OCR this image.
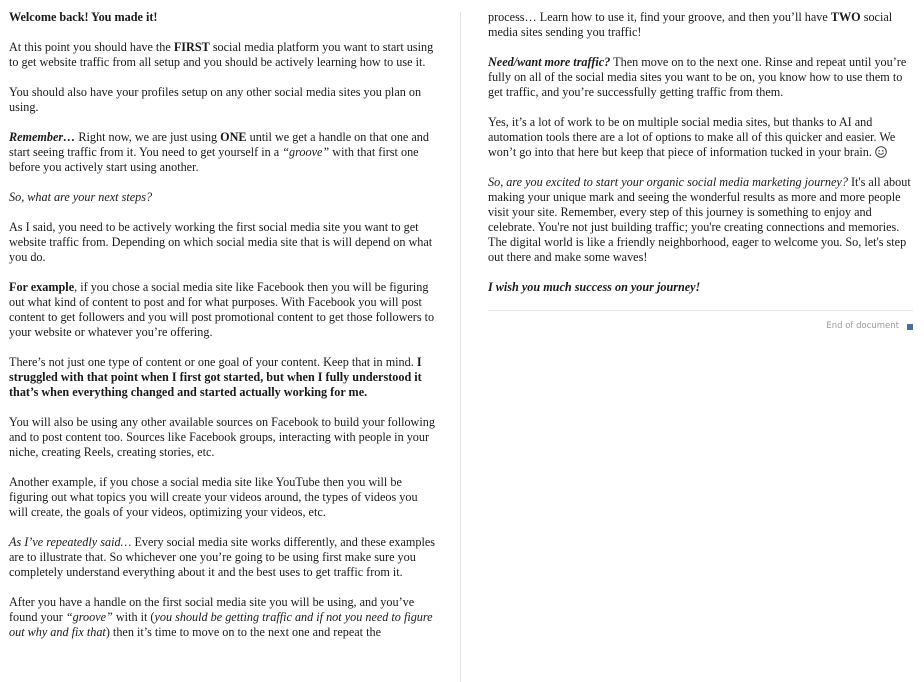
Welcome back! You made it!

At this point you should have the FIRST social media platform you want to start using to get website traffic from all setup and you should be actively learning how to use it.

You should also have your profiles setup on any other social media sites you plan on using.

Remember… Right now, we are just using ONE until we get a handle on that one and start seeing traffic from it. You need to get yourself in a “groove” with that first one before you actively start using another.

So, what are your next steps?

As I said, you need to be actively working the first social media site you want to get website traffic from. Depending on which social media site that is will depend on what you do.

For example, if you chose a social media site like Facebook then you will be figuring out what kind of content to post and for what purposes. With Facebook you will post content to get followers and you will post promotional content to get those followers to your website or whatever you’re offering.

There’s not just one type of content or one goal of your content. Keep that in mind. I struggled with that point when I first got started, but when I fully understood it that’s when everything changed and started actually working for me.

You will also be using any other available sources on Facebook to build your following and to post content too. Sources like Facebook groups, interacting with people in your niche, creating Reels, creating stories, etc.

Another example, if you chose a social media site like YouTube then you will be figuring out what topics you will create your videos around, the types of videos you will create, the goals of your videos, optimizing your videos, etc.

As I’ve repeatedly said… Every social media site works differently, and these examples are to illustrate that. So whichever one you’re going to be using first make sure you completely understand everything about it and the best uses to get traffic from it.

After you have a handle on the first social media site you will be using, and you’ve found your “groove” with it (you should be getting traffic and if not you need to figure out why and fix that) then it’s time to move on to the next one and repeat the

process… Learn how to use it, find your groove, and then you’ll have TWO social media sites sending you traffic!

Need/want more traffic? Then move on to the next one. Rinse and repeat until you’re fully on all of the social media sites you want to be on, you know how to use them to get traffic, and you’re successfully getting traffic from them.

Yes, it’s a lot of work to be on multiple social media sites, but thanks to AI and automation tools there are a lot of options to make all of this quicker and easier. We won’t go into that here but keep that piece of information tucked in your brain.

So, are you excited to start your organic social media marketing journey? It's all about making your unique mark and seeing the wonderful results as more and more people visit your site. Remember, every step of this journey is something to enjoy and celebrate. You're not just building traffic; you're creating connections and memories. The digital world is like a friendly neighborhood, eager to welcome you. So, let's step out there and make some waves!

I wish you much success on your journey!

End of document
